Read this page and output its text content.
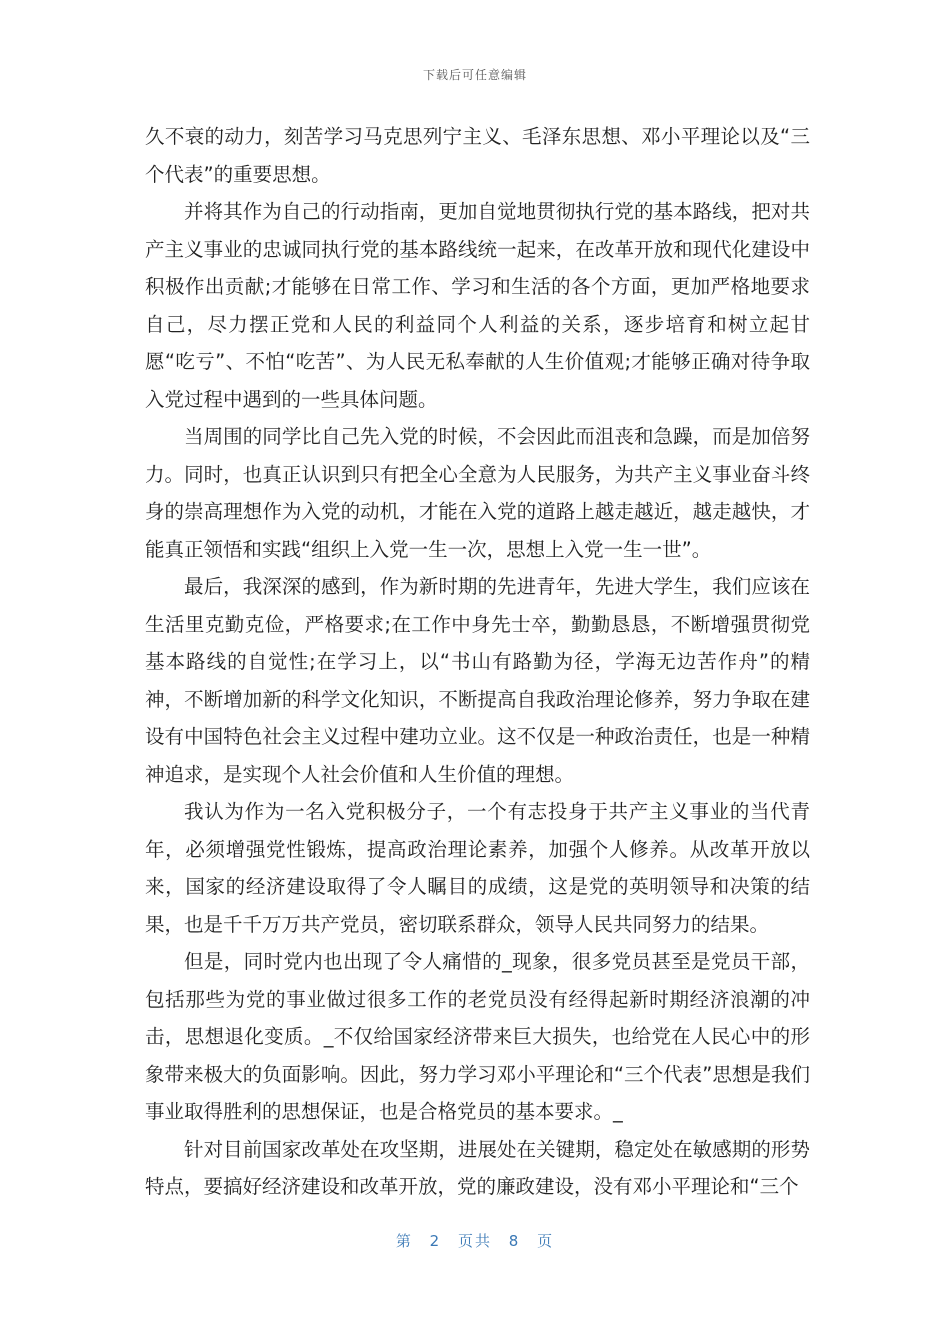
下载后可任意编辑

久不衰的动力，刻苦学习马克思列宁主义、毛泽东思想、邓小平理论以及“三个代表”的重要思想。

并将其作为自己的行动指南，更加自觉地贯彻执行党的基本路线，把对共产主义事业的忠诚同执行党的基本路线统一起来，在改革开放和现代化建设中积极作出贡献;才能够在日常工作、学习和生活的各个方面，更加严格地要求自己，尽力摆正党和人民的利益同个人利益的关系，逐步培育和树立起甘愿“吃亏”、不怕“吃苦”、为人民无私奉献的人生价值观;才能够正确对待争取入党过程中遇到的一些具体问题。

当周围的同学比自己先入党的时候，不会因此而沮丧和急躁，而是加倍努力。同时，也真正认识到只有把全心全意为人民服务，为共产主义事业奋斗终身的崇高理想作为入党的动机，才能在入党的道路上越走越近，越走越快，才能真正领悟和实践“组织上入党一生一次，思想上入党一生一世”。

最后，我深深的感到，作为新时期的先进青年，先进大学生，我们应该在生活里克勤克俭，严格要求;在工作中身先士卒，勤勤恳恳，不断增强贯彻党基本路线的自觉性;在学习上，以“书山有路勤为径，学海无边苦作舟”的精神，不断增加新的科学文化知识，不断提高自我政治理论修养，努力争取在建设有中国特色社会主义过程中建功立业。这不仅是一种政治责任，也是一种精神追求，是实现个人社会价值和人生价值的理想。

我认为作为一名入党积极分子，一个有志投身于共产主义事业的当代青年，必须增强党性锻炼，提高政治理论素养，加强个人修养。从改革开放以来，国家的经济建设取得了令人瞩目的成绩，这是党的英明领导和决策的结果，也是千千万万共产党员，密切联系群众，领导人民共同努力的结果。

但是，同时党内也出现了令人痛惜的_现象，很多党员甚至是党员干部，包括那些为党的事业做过很多工作的老党员没有经得起新时期经济浪潮的冲击，思想退化变质。_不仅给国家经济带来巨大损失，也给党在人民心中的形象带来极大的负面影响。因此，努力学习邓小平理论和“三个代表”思想是我们事业取得胜利的思想保证，也是合格党员的基本要求。_

针对目前国家改革处在攻坚期，进展处在关键期，稳定处在敏感期的形势特点，要搞好经济建设和改革开放，党的廉政建设，没有邓小平理论和“三个

第 2 页共 8 页
